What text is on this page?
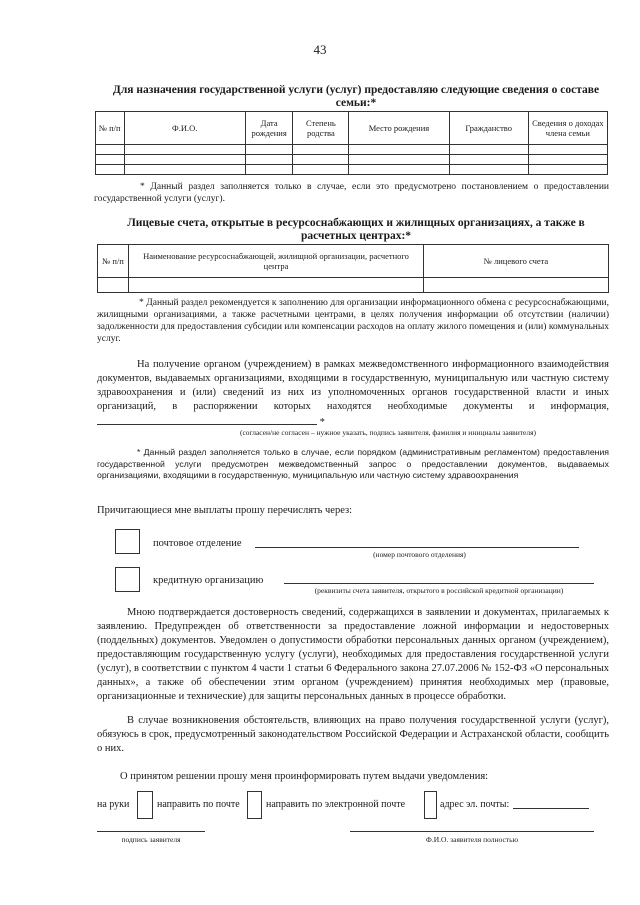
43
Для назначения государственной услуги (услуг) предоставляю следующие сведения о составе
семьи:*
№ п/п	Ф.И.О.	Дата рождения	Степень родства	Место рождения	Гражданство	Сведения о доходах члена семьи

* Данный раздел заполняется только в случае, если это предусмотрено постановлением о предоставлении государственной услуги (услуг).
Лицевые счета, открытые в ресурсоснабжающих и жилищных организациях, а также в
расчетных центрах:*
№ п/п	Наименование ресурсоснабжающей, жилищной организации, расчетного центра	№ лицевого счета

* Данный раздел рекомендуется к заполнению для организации информационного обмена с ресурсоснабжающими, жилищными организациями, а также расчетными центрами, в целях получения информации об отсутствии (наличии) задолженности для предоставления субсидии или компенсации расходов на оплату жилого помещения и (или) коммунальных услуг.
На получение органом (учреждением) в рамках межведомственного информационного взаимодействия документов, выдаваемых организациями, входящими в государственную, муниципальную или частную систему здравоохранения и (или) сведений из них из уполномоченных органов государственной власти и иных организаций, в распоряжении которых находятся необходимые документы и информация,  *
(согласен/не согласен – нужное указать, подпись заявителя, фамилия и инициалы заявителя)
* Данный раздел заполняется только в случае, если порядком (административным регламентом) предоставления государственной услуги предусмотрен межведомственный запрос о предоставлении документов, выдаваемых организациями, входящими в государственную, муниципальную или частную систему здравоохранения
Причитающиеся мне выплаты прошу перечислять через:
почтовое отделение
(номер почтового отделения)
кредитную организацию
(реквизиты счета заявителя, открытого в российской кредитной организации)
Мною подтверждается достоверность сведений, содержащихся в заявлении и документах, прилагаемых к заявлению. Предупрежден об ответственности за предоставление ложной информации и недостоверных (поддельных) документов. Уведомлен о допустимости обработки персональных данных органом (учреждением), предоставляющим государственную услугу (услуги), необходимых для предоставления государственной услуги (услуг), в соответствии с пунктом 4 части 1 статьи 6 Федерального закона 27.07.2006 № 152-ФЗ «О персональных данных», а также об обеспечении этим органом (учреждением) принятия необходимых мер (правовые, организационные и технические) для защиты персональных данных в процессе обработки.
В случае возникновения обстоятельств, влияющих на право получения государственной услуги (услуг), обязуюсь в срок, предусмотренный законодательством Российской Федерации и Астраханской области, сообщить о них.
О принятом решении прошу меня проинформировать путем выдачи уведомления:
на руки	направить по почте	направить по электронной почте	адрес эл. почты:
подпись заявителя	Ф.И.О. заявителя полностью
